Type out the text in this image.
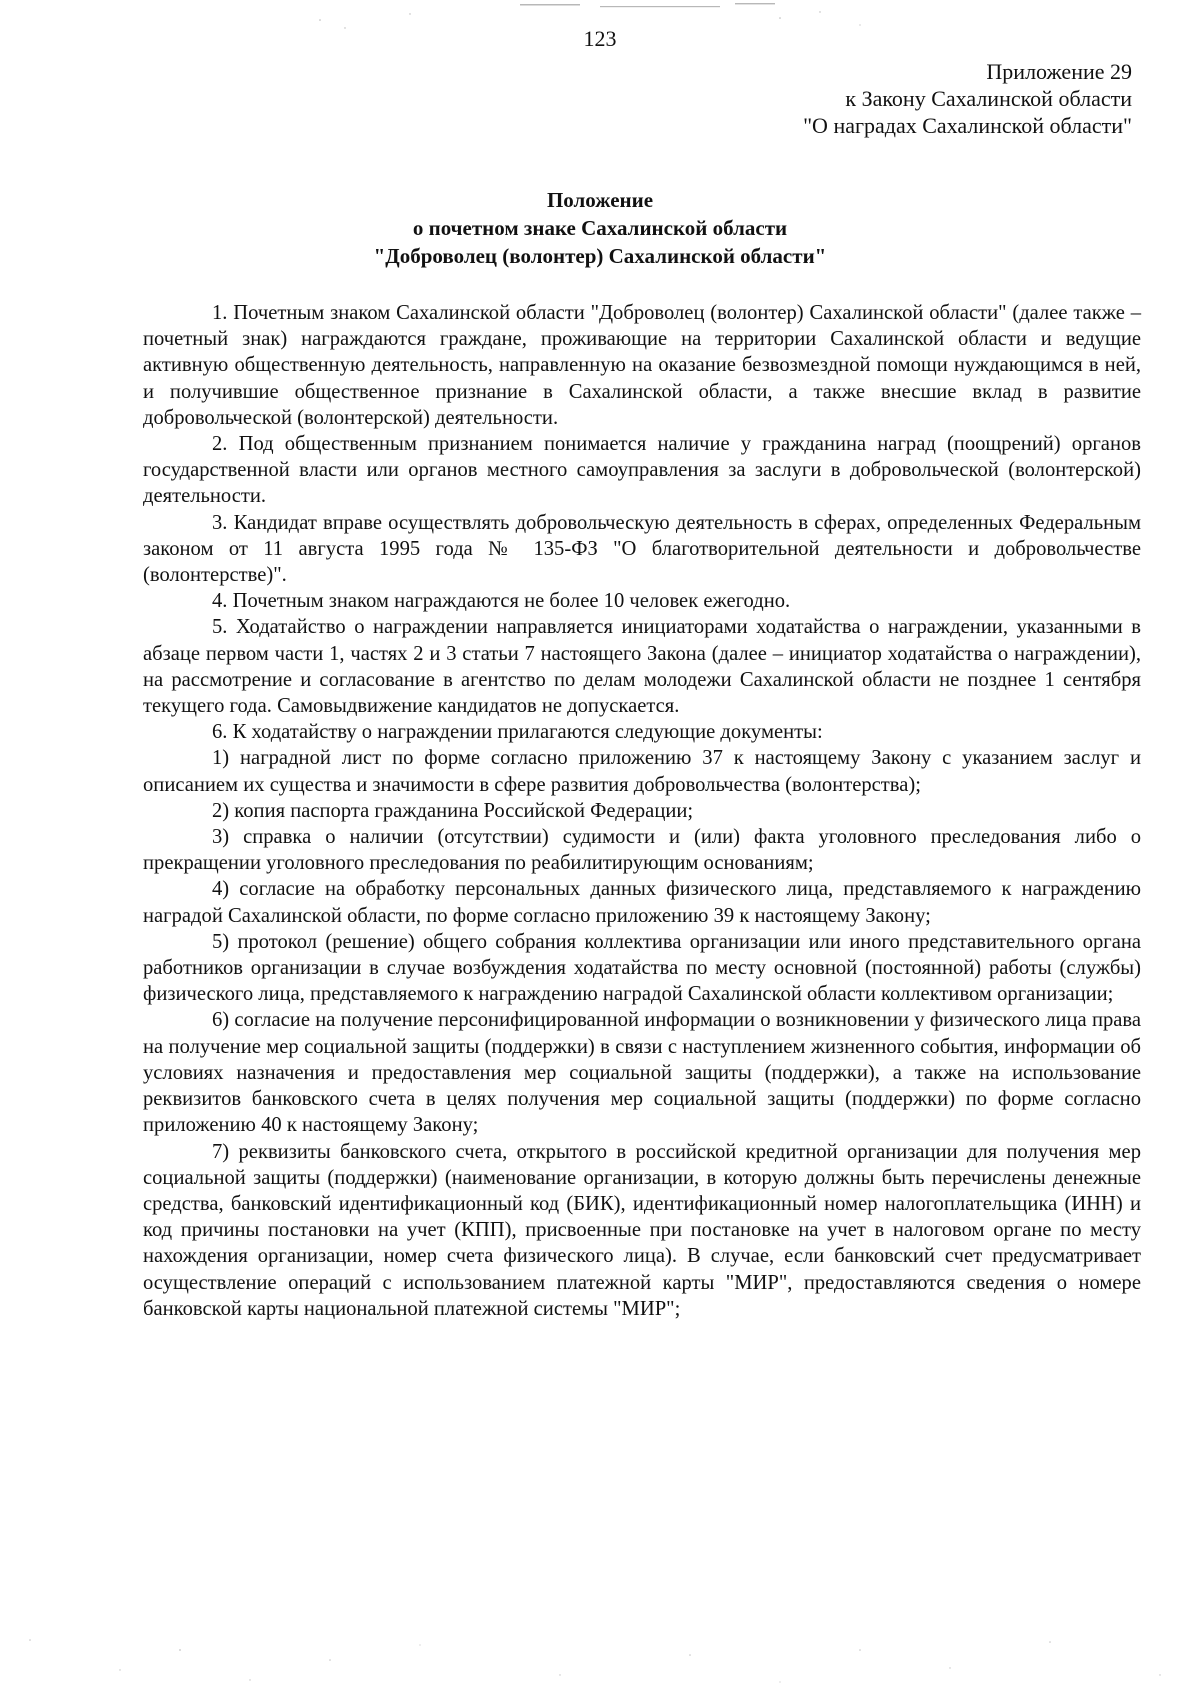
123
Приложение 29
к Закону Сахалинской области
"О наградах Сахалинской области"
Положение
о почетном знаке Сахалинской области
"Доброволец (волонтер) Сахалинской области"

1. Почетным знаком Сахалинской области "Доброволец (волонтер) Сахалинской области" (далее также – почетный знак) награждаются граждане, проживающие на территории Сахалинской области и ведущие активную общественную деятельность, направленную на оказание безвозмездной помощи нуждающимся в ней, и получившие общественное признание в Сахалинской области, а также внесшие вклад в развитие добровольческой (волонтерской) деятельности.

2. Под общественным признанием понимается наличие у гражданина наград (поощрений) органов государственной власти или органов местного самоуправления за заслуги в добровольческой (волонтерской) деятельности.

3. Кандидат вправе осуществлять добровольческую деятельность в сферах, определенных Федеральным законом от 11 августа 1995 года № 135-ФЗ "О благотворительной деятельности и добровольчестве (волонтерстве)".

4. Почетным знаком награждаются не более 10 человек ежегодно.

5. Ходатайство о награждении направляется инициаторами ходатайства о награждении, указанными в абзаце первом части 1, частях 2 и 3 статьи 7 настоящего Закона (далее – инициатор ходатайства о награждении), на рассмотрение и согласование в агентство по делам молодежи Сахалинской области не позднее 1 сентября текущего года. Самовыдвижение кандидатов не допускается.

6. К ходатайству о награждении прилагаются следующие документы:

1) наградной лист по форме согласно приложению 37 к настоящему Закону с указанием заслуг и описанием их существа и значимости в сфере развития добровольчества (волонтерства);

2) копия паспорта гражданина Российской Федерации;

3) справка о наличии (отсутствии) судимости и (или) факта уголовного преследования либо о прекращении уголовного преследования по реабилитирующим основаниям;

4) согласие на обработку персональных данных физического лица, представляемого к награждению наградой Сахалинской области, по форме согласно приложению 39 к настоящему Закону;

5) протокол (решение) общего собрания коллектива организации или иного представительного органа работников организации в случае возбуждения ходатайства по месту основной (постоянной) работы (службы) физического лица, представляемого к награждению наградой Сахалинской области коллективом организации;

6) согласие на получение персонифицированной информации о возникновении у физического лица права на получение мер социальной защиты (поддержки) в связи с наступлением жизненного события, информации об условиях назначения и предоставления мер социальной защиты (поддержки), а также на использование реквизитов банковского счета в целях получения мер социальной защиты (поддержки) по форме согласно приложению 40 к настоящему Закону;

7) реквизиты банковского счета, открытого в российской кредитной организации для получения мер социальной защиты (поддержки) (наименование организации, в которую должны быть перечислены денежные средства, банковский идентификационный код (БИК), идентификационный номер налогоплательщика (ИНН) и код причины постановки на учет (КПП), присвоенные при постановке на учет в налоговом органе по месту нахождения организации, номер счета физического лица). В случае, если банковский счет предусматривает осуществление операций с использованием платежной карты "МИР", предоставляются сведения о номере банковской карты национальной платежной системы "МИР";
